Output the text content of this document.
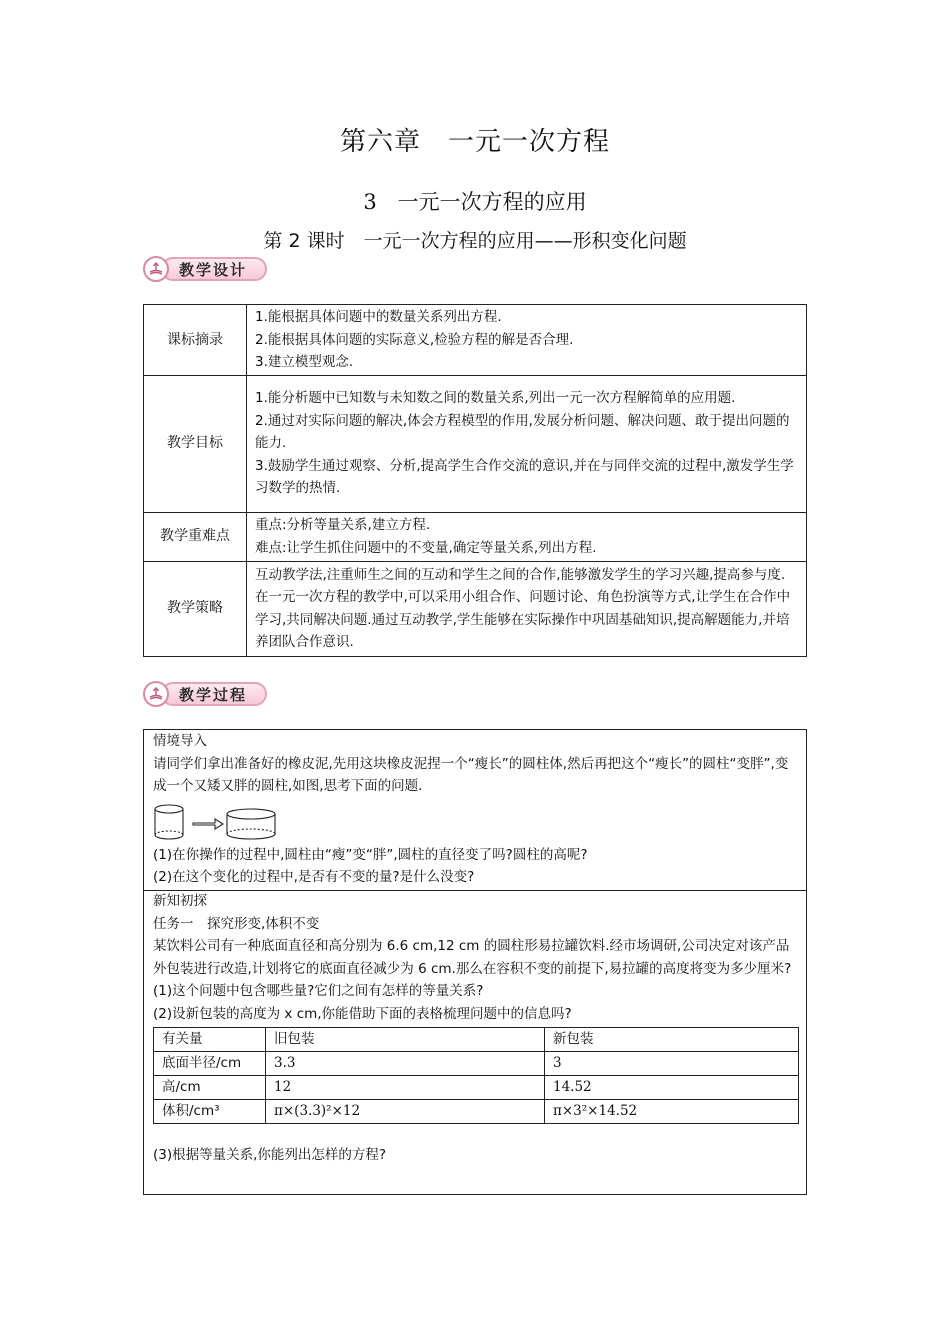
第六章　一元一次方程
3　一元一次方程的应用
第 2 课时　一元一次方程的应用——形积变化问题
教学设计
课标摘录	1.能根据具体问题中的数量关系列出方程.
2.能根据具体问题的实际意义,检验方程的解是否合理.
3.建立模型观念.

教学目标	1.能分析题中已知数与未知数之间的数量关系,列出一元一次方程解简单的应用题.
2.通过对实际问题的解决,体会方程模型的作用,发展分析问题、解决问题、敢于提出问题的能力.
3.鼓励学生通过观察、分析,提高学生合作交流的意识,并在与同伴交流的过程中,激发学生学习数学的热情.

教学重难点	重点:分析等量关系,建立方程.
难点:让学生抓住问题中的不变量,确定等量关系,列出方程.

教学策略	互动教学法,注重师生之间的互动和学生之间的合作,能够激发学生的学习兴趣,提高参与度.在一元一次方程的教学中,可以采用小组合作、问题讨论、角色扮演等方式,让学生在合作中学习,共同解决问题.通过互动教学,学生能够在实际操作中巩固基础知识,提高解题能力,并培养团队合作意识.
教学过程
情境导入
请同学们拿出准备好的橡皮泥,先用这块橡皮泥捏一个“瘦长”的圆柱体,然后再把这个“瘦长”的圆柱“变胖”,变成一个又矮又胖的圆柱,如图,思考下面的问题.
(1)在你操作的过程中,圆柱由“瘦”变“胖”,圆柱的直径变了吗?圆柱的高呢?
(2)在这个变化的过程中,是否有不变的量?是什么没变?
新知初探
任务一　探究形变,体积不变
某饮料公司有一种底面直径和高分别为 6.6 cm,12 cm 的圆柱形易拉罐饮料.经市场调研,公司决定对该产品外包装进行改造,计划将它的底面直径减少为 6 cm.那么在容积不变的前提下,易拉罐的高度将变为多少厘米?
(1)这个问题中包含哪些量?它们之间有怎样的等量关系?
(2)设新包装的高度为 x cm,你能借助下面的表格梳理问题中的信息吗?
有关量	旧包装	新包装
底面半径/cm	3.3	3
高/cm	12	14.52
体积/cm³	π×(3.3)²×12	π×3²×14.52
(3)根据等量关系,你能列出怎样的方程?
